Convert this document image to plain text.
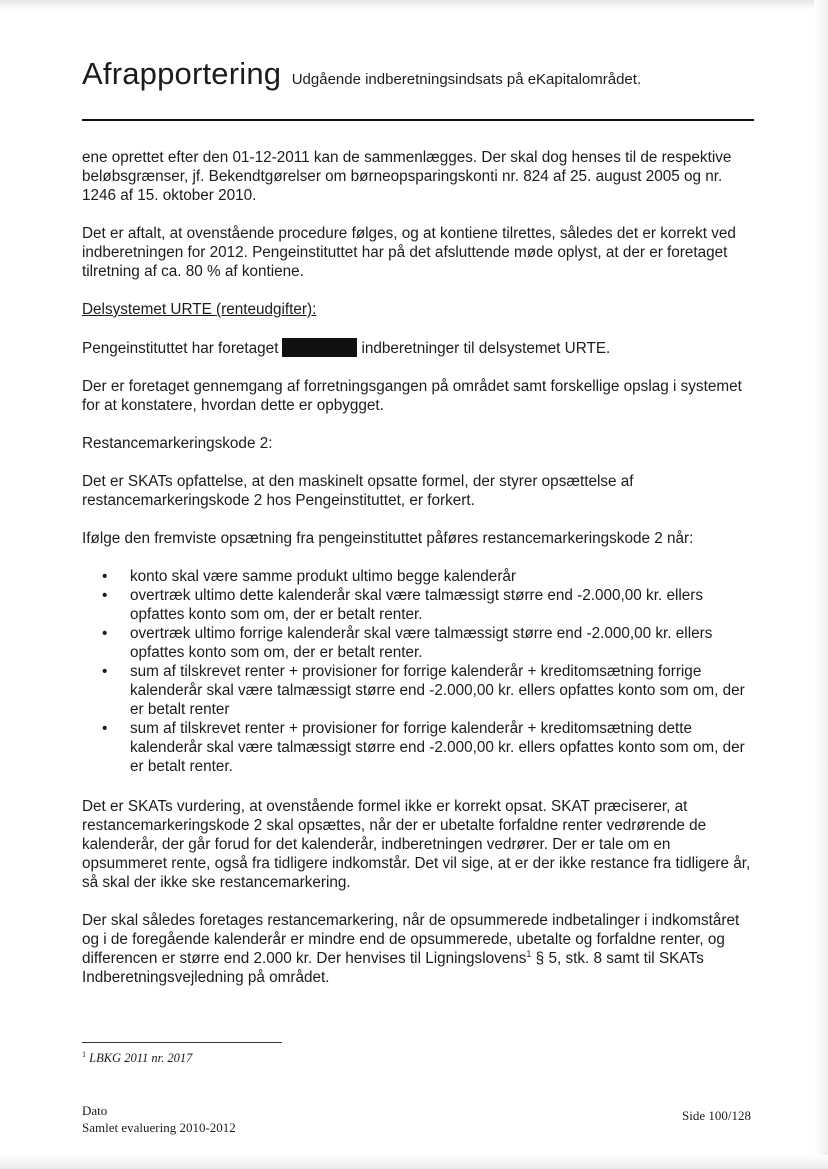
Afrapportering Udgående indberetningsindsats på eKapitalområdet.

ene oprettet efter den 01-12-2011 kan de sammenlægges. Der skal dog henses til de respektive beløbsgrænser, jf. Bekendtgørelser om børneopsparingskonti nr. 824 af 25. august 2005 og nr. 1246 af 15. oktober 2010.

Det er aftalt, at ovenstående procedure følges, og at kontiene tilrettes, således det er korrekt ved indberetningen for 2012. Pengeinstituttet har på det afsluttende møde oplyst, at der er foretaget tilretning af ca. 80 % af kontiene.

Delsystemet URTE (renteudgifter):

Pengeinstituttet har foretaget	indberetninger til delsystemet URTE.

Der er foretaget gennemgang af forretningsgangen på området samt forskellige opslag i systemet for at konstatere, hvordan dette er opbygget.

Restancemarkeringskode 2:

Det er SKATs opfattelse, at den maskinelt opsatte formel, der styrer opsættelse af restancemarkeringskode 2 hos Pengeinstituttet, er forkert.

Ifølge den fremviste opsætning fra pengeinstituttet påføres restancemarkeringskode 2 når:

• konto skal være samme produkt ultimo begge kalenderår
• overtræk ultimo dette kalenderår skal være talmæssigt større end -2.000,00 kr. ellers opfattes konto som om, der er betalt renter.
• overtræk ultimo forrige kalenderår skal være talmæssigt større end -2.000,00 kr. ellers opfattes konto som om, der er betalt renter.
• sum af tilskrevet renter + provisioner for forrige kalenderår + kreditomsætning forrige kalenderår skal være talmæssigt større end -2.000,00 kr. ellers opfattes konto som om, der er betalt renter
• sum af tilskrevet renter + provisioner for forrige kalenderår + kreditomsætning dette kalenderår skal være talmæssigt større end -2.000,00 kr. ellers opfattes konto som om, der er betalt renter.

Det er SKATs vurdering, at ovenstående formel ikke er korrekt opsat. SKAT præciserer, at restancemarkeringskode 2 skal opsættes, når der er ubetalte forfaldne renter vedrørende de kalenderår, der går forud for det kalenderår, indberetningen vedrører. Der er tale om en opsummeret rente, også fra tidligere indkomstår. Det vil sige, at er der ikke restance fra tidligere år, så skal der ikke ske restancemarkering.

Der skal således foretages restancemarkering, når de opsummerede indbetalinger i indkomståret og i de foregående kalenderår er mindre end de opsummerede, ubetalte og forfaldne renter, og differencen er større end 2.000 kr. Der henvises til Ligningslovens$^1$ § 5, stk. 8 samt til SKATs Indberetningsvejledning på området.

$^1$ LBKG 2011 nr. 2017
Dato
Samlet evaluering 2010-2012
Side 100/128
